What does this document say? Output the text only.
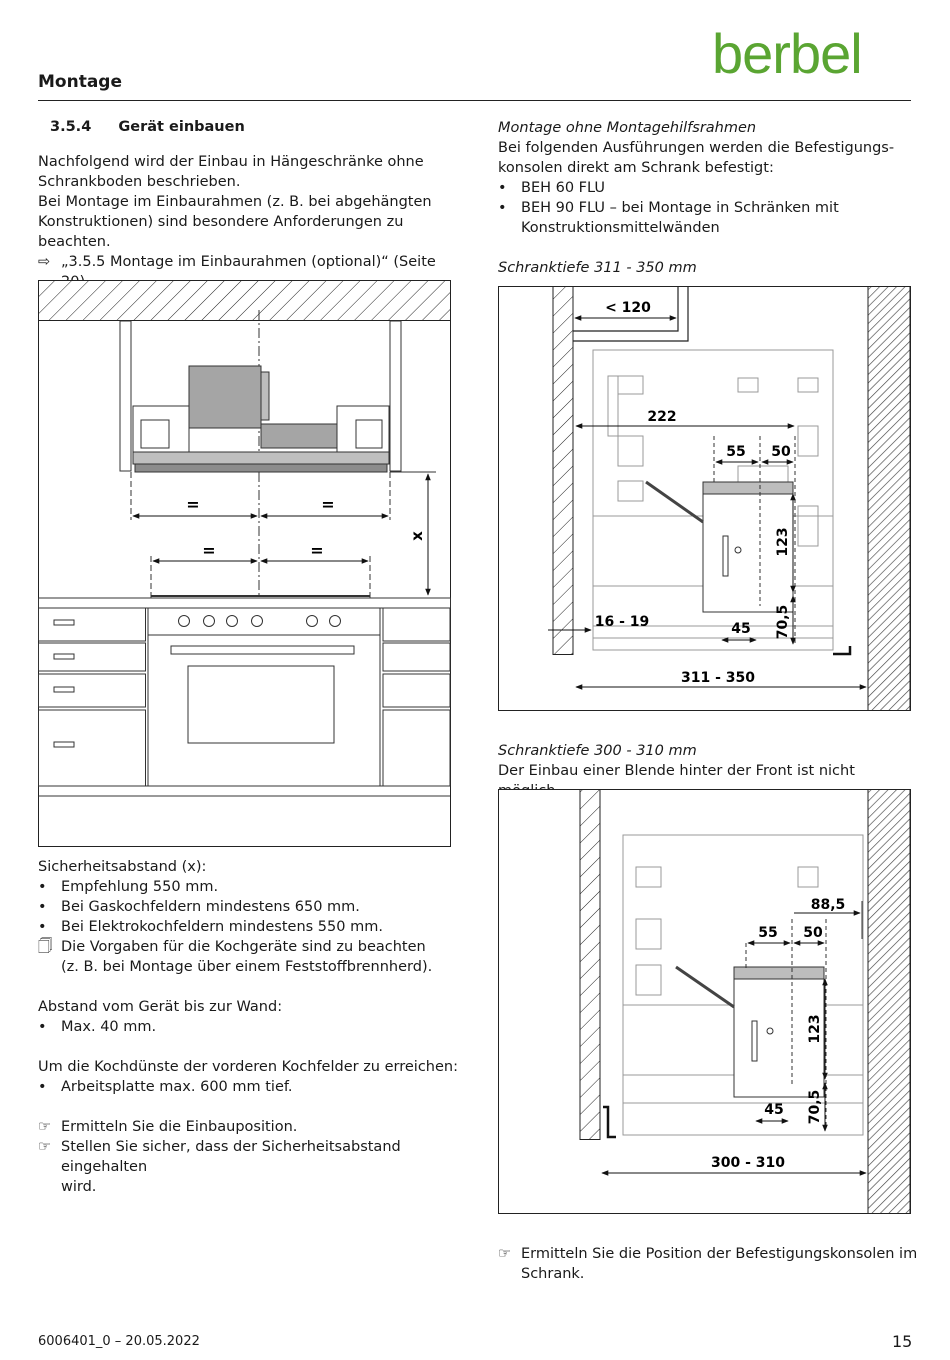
Montage	berbel
3.5.4 Gerät einbauen
Nachfolgend wird der Einbau in Hängeschränke ohne
Schrankboden beschrieben.
Bei Montage im Einbaurahmen (z. B. bei abgehängten
Konstruktionen) sind besondere Anforderungen zu beachten.
⇨ „3.5.5 Montage im Einbaurahmen (optional)“ (Seite
Montage ohne Montagehilfsrahmen
Bei folgenden Ausführungen werden die Befestigungs-
konsolen direkt am Schrank befestigt:
• BEH 60 FLU
• BEH 90 FLU – bei Montage in Schränken mit
Konstruktionsmittelwänden
=	=
=	=
x
Schranktiefe 311 - 350 mm
< 120
222
55 50
123
70,5
45
16 - 19
311 - 350
Schranktiefe 300 - 310 mm
Der Einbau einer Blende hinter der Front ist nicht
88,5
55 50
123
70,5
45
300 - 310
Sicherheitsabstand (x):
• Empfehlung 550 mm.
• Bei Gaskochfeldern mindestens 650 mm.
• Bei Elektrokochfeldern mindestens 550 mm.
🗍 Die Vorgaben für die Kochgeräte sind zu beachten
(z. B. bei Montage über einem Feststoffbrennherd).
Abstand vom Gerät bis zur Wand:
• Max. 40 mm.
Um die Kochdünste der vorderen Kochfelder zu erreichen:
• Arbeitsplatte max. 600 mm tief.
☞ Ermitteln Sie die Einbauposition.
☞ Stellen Sie sicher, dass der Sicherheitsabstand eingehalten
wird.
☞ Ermitteln Sie die Position der Befestigungskonsolen im
Schrank.
6006401_0 – 20.05.2022	15
